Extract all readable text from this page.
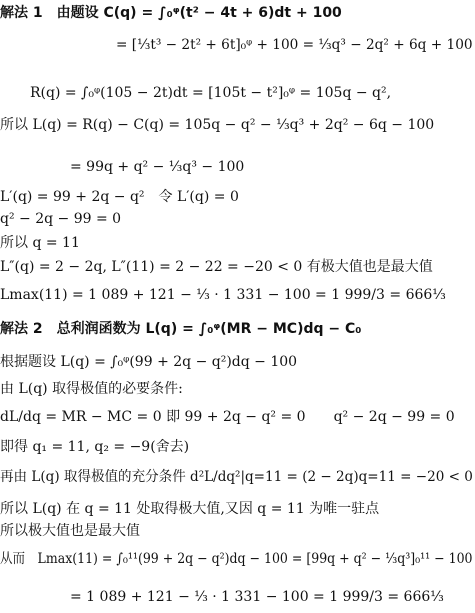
解法 1　由题设 C(q) = ∫₀ᵠ(t² − 4t + 6)dt + 100
= [⅓t³ − 2t² + 6t]₀ᵠ + 100 = ⅓q³ − 2q² + 6q + 100
R(q) = ∫₀ᵠ(105 − 2t)dt = [105t − t²]₀ᵠ = 105q − q²,
所以 L(q) = R(q) − C(q) = 105q − q² − ⅓q³ + 2q² − 6q − 100
= 99q + q² − ⅓q³ − 100
L′(q) = 99 + 2q − q²　令 L′(q) = 0
q² − 2q − 99 = 0
所以 q = 11
L″(q) = 2 − 2q, L″(11) = 2 − 22 = −20 < 0 有极大值也是最大值
Lmax(11) = 1 089 + 121 − ⅓ · 1 331 − 100 = 1 999/3 = 666⅓
解法 2　总利润函数为 L(q) = ∫₀ᵠ(MR − MC)dq − C₀
根据题设 L(q) = ∫₀ᵠ(99 + 2q − q²)dq − 100
由 L(q) 取得极值的必要条件:
dL/dq = MR − MC = 0 即 99 + 2q − q² = 0　　q² − 2q − 99 = 0
即得 q₁ = 11, q₂ = −9(舍去)
再由 L(q) 取得极值的充分条件 d²L/dq²|q=11 = (2 − 2q)q=11 = −20 < 0
所以 L(q) 在 q = 11 处取得极大值,又因 q = 11 为唯一驻点
所以极大值也是最大值
从而　Lmax(11) = ∫₀¹¹(99 + 2q − q²)dq − 100 = [99q + q² − ⅓q³]₀¹¹ − 100
= 1 089 + 121 − ⅓ · 1 331 − 100 = 1 999/3 = 666⅓
